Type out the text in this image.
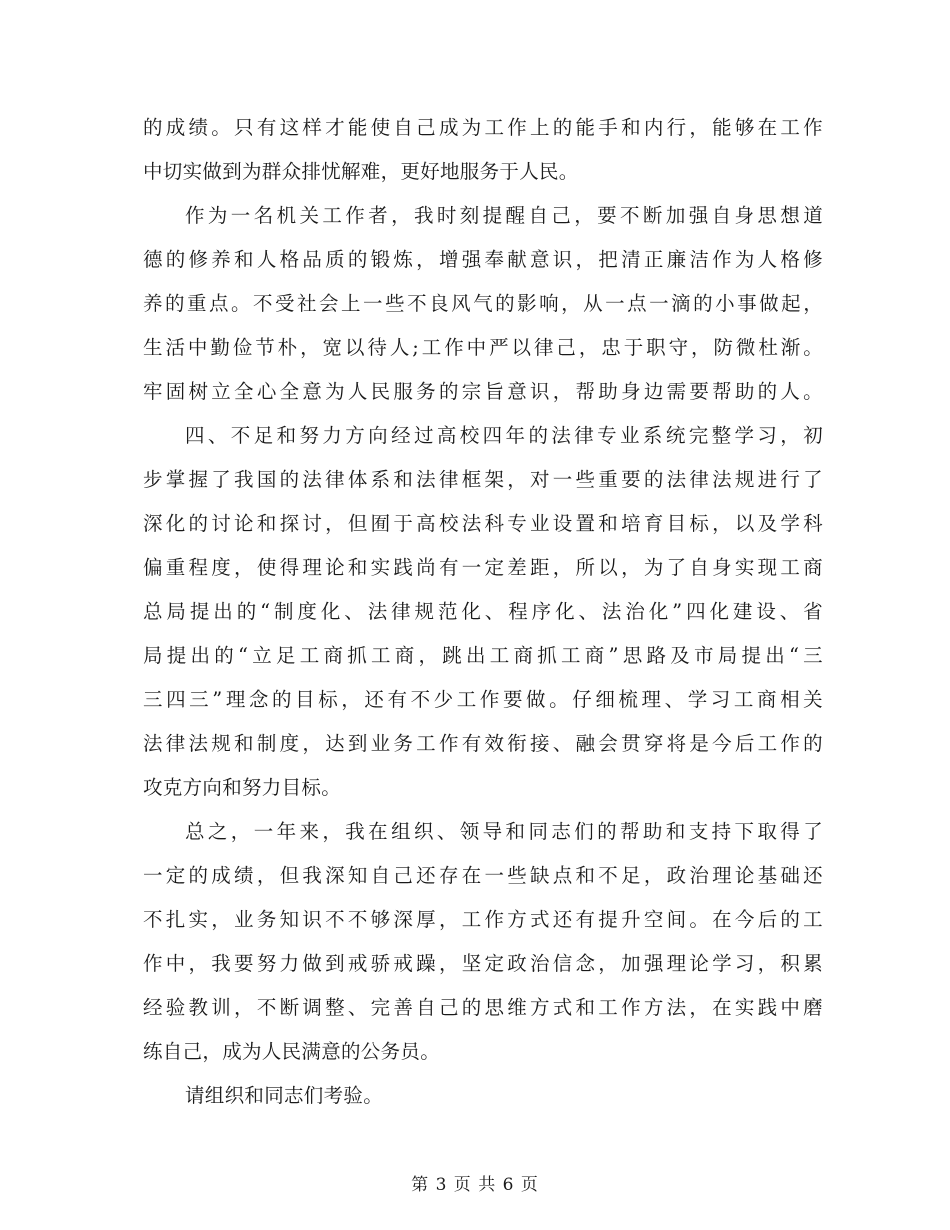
的成绩。只有这样才能使自己成为工作上的能手和内行，能够在工作
中切实做到为群众排忧解难，更好地服务于人民。
作为一名机关工作者，我时刻提醒自己，要不断加强自身思想道
德的修养和人格品质的锻炼，增强奉献意识，把清正廉洁作为人格修
养的重点。不受社会上一些不良风气的影响，从一点一滴的小事做起，
生活中勤俭节朴，宽以待人;工作中严以律己，忠于职守，防微杜渐。
牢固树立全心全意为人民服务的宗旨意识，帮助身边需要帮助的人。
四、不足和努力方向经过高校四年的法律专业系统完整学习，初
步掌握了我国的法律体系和法律框架，对一些重要的法律法规进行了
深化的讨论和探讨，但囿于高校法科专业设置和培育目标，以及学科
偏重程度，使得理论和实践尚有一定差距，所以，为了自身实现工商
总局提出的“制度化、法律规范化、程序化、法治化”四化建设、省
局提出的“立足工商抓工商，跳出工商抓工商”思路及市局提出“三
三四三”理念的目标，还有不少工作要做。仔细梳理、学习工商相关
法律法规和制度，达到业务工作有效衔接、融会贯穿将是今后工作的
攻克方向和努力目标。
总之，一年来，我在组织、领导和同志们的帮助和支持下取得了
一定的成绩，但我深知自己还存在一些缺点和不足，政治理论基础还
不扎实，业务知识不不够深厚，工作方式还有提升空间。在今后的工
作中，我要努力做到戒骄戒躁，坚定政治信念，加强理论学习，积累
经验教训，不断调整、完善自己的思维方式和工作方法，在实践中磨
练自己，成为人民满意的公务员。
请组织和同志们考验。
第 3 页 共 6 页
